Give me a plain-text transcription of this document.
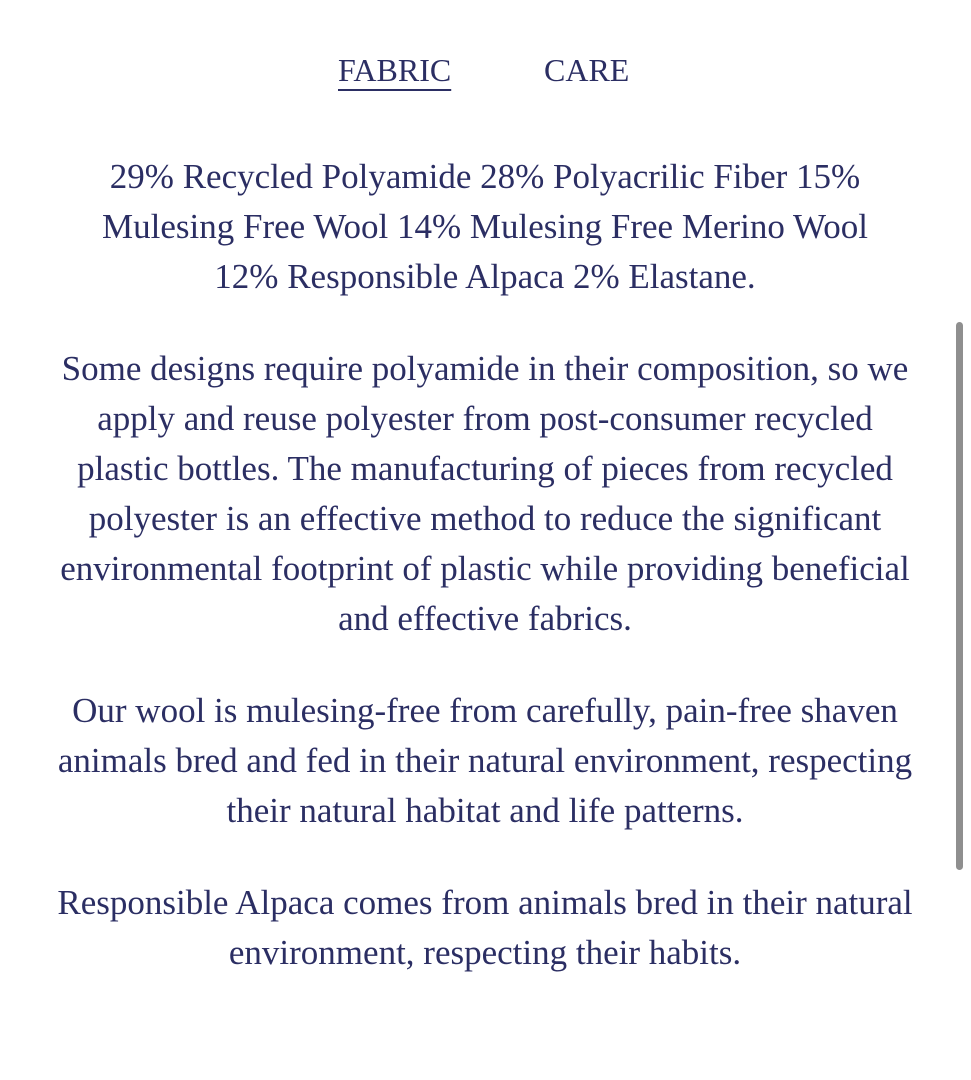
FABRIC	CARE

29% Recycled Polyamide 28% Polyacrilic Fiber 15% Mulesing Free Wool 14% Mulesing Free Merino Wool 12% Responsible Alpaca 2% Elastane.

Some designs require polyamide in their composition, so we apply and reuse polyester from post-consumer recycled plastic bottles. The manufacturing of pieces from recycled polyester is an effective method to reduce the significant environmental footprint of plastic while providing beneficial and effective fabrics.

Our wool is mulesing-free from carefully, pain-free shaven animals bred and fed in their natural environment, respecting their natural habitat and life patterns.

Responsible Alpaca comes from animals bred in their natural environment, respecting their habits.
